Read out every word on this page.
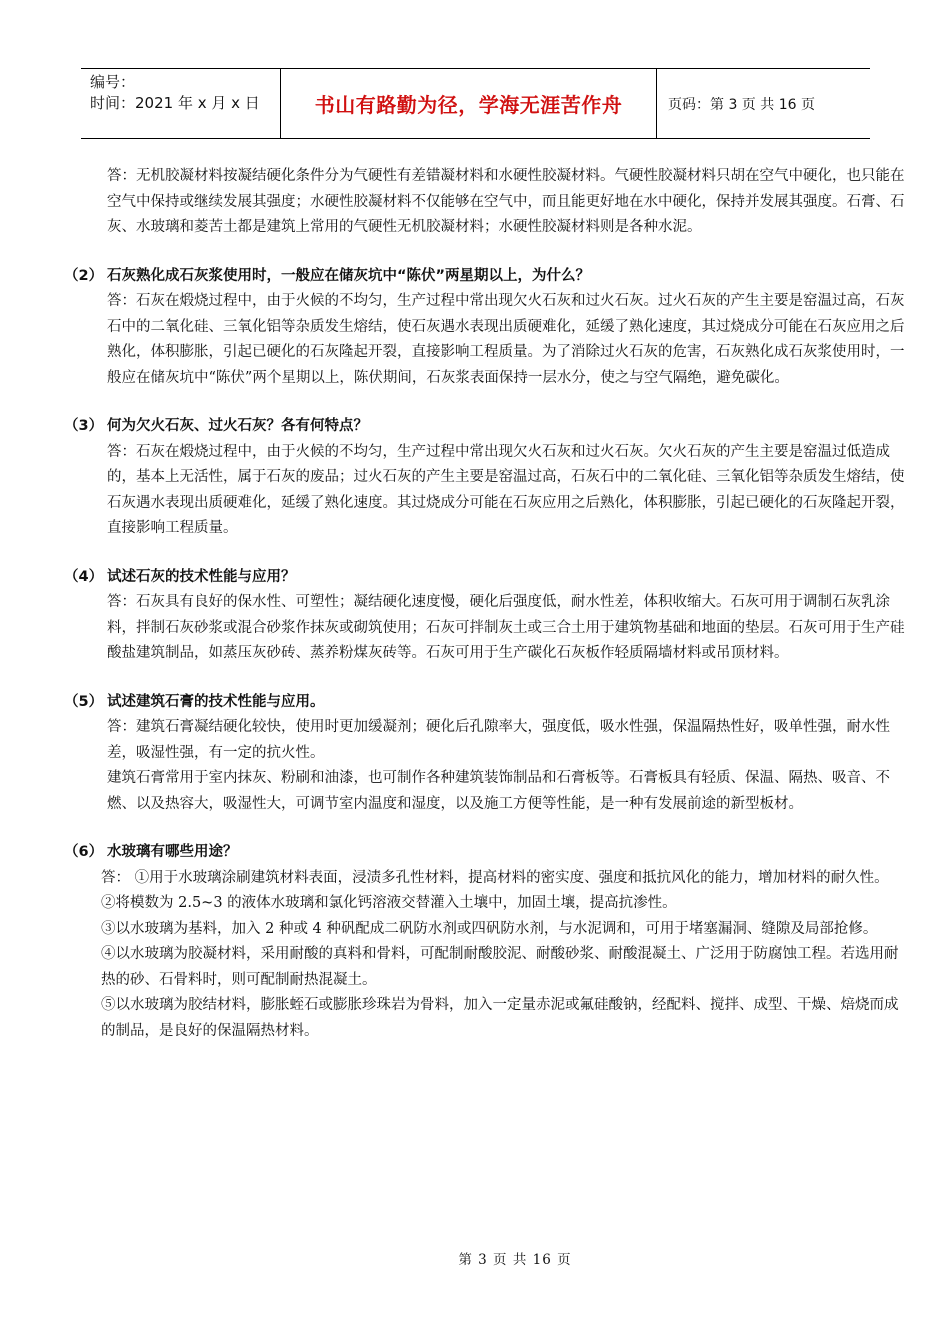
编号：
时间：2021 年 x 月 x 日	书山有路勤为径，学海无涯苦作舟	页码：第 3 页 共 16 页

答：无机胶凝材料按凝结硬化条件分为气硬性有差错凝材料和水硬性胶凝材料。气硬性胶凝材料只胡在空气中硬化，也只能在空气中保持或继续发展其强度；水硬性胶凝材料不仅能够在空气中，而且能更好地在水中硬化，保持并发展其强度。石膏、石灰、水玻璃和菱苦土都是建筑上常用的气硬性无机胶凝材料；水硬性胶凝材料则是各种水泥。

（2） 石灰熟化成石灰浆使用时，一般应在储灰坑中“陈伏”两星期以上，为什么？

答：石灰在煅烧过程中，由于火候的不均匀，生产过程中常出现欠火石灰和过火石灰。过火石灰的产生主要是窑温过高，石灰石中的二氧化硅、三氧化铝等杂质发生熔结，使石灰遇水表现出质硬难化，延缓了熟化速度，其过烧成分可能在石灰应用之后熟化，体积膨胀，引起已硬化的石灰隆起开裂，直接影响工程质量。为了消除过火石灰的危害，石灰熟化成石灰浆使用时，一般应在储灰坑中“陈伏”两个星期以上，陈伏期间，石灰浆表面保持一层水分，使之与空气隔绝，避免碳化。

（3） 何为欠火石灰、过火石灰？各有何特点？

答：石灰在煅烧过程中，由于火候的不均匀，生产过程中常出现欠火石灰和过火石灰。欠火石灰的产生主要是窑温过低造成的，基本上无活性，属于石灰的废品；过火石灰的产生主要是窑温过高，石灰石中的二氧化硅、三氧化铝等杂质发生熔结，使石灰遇水表现出质硬难化，延缓了熟化速度。其过烧成分可能在石灰应用之后熟化，体积膨胀，引起已硬化的石灰隆起开裂，直接影响工程质量。

（4） 试述石灰的技术性能与应用？

答：石灰具有良好的保水性、可塑性；凝结硬化速度慢，硬化后强度低，耐水性差，体积收缩大。石灰可用于调制石灰乳涂料，拌制石灰砂浆或混合砂浆作抹灰或砌筑使用；石灰可拌制灰土或三合土用于建筑物基础和地面的垫层。石灰可用于生产硅酸盐建筑制品，如蒸压灰砂砖、蒸养粉煤灰砖等。石灰可用于生产碳化石灰板作轻质隔墙材料或吊顶材料。

（5） 试述建筑石膏的技术性能与应用。

答：建筑石膏凝结硬化较快，使用时更加缓凝剂；硬化后孔隙率大，强度低，吸水性强，保温隔热性好，吸单性强，耐水性差，吸湿性强，有一定的抗火性。

建筑石膏常用于室内抹灰、粉刷和油漆，也可制作各种建筑装饰制品和石膏板等。石膏板具有轻质、保温、隔热、吸音、不燃、以及热容大，吸湿性大，可调节室内温度和湿度，以及施工方便等性能，是一种有发展前途的新型板材。

（6） 水玻璃有哪些用途？

答： ①用于水玻璃涂刷建筑材料表面，浸渍多孔性材料，提高材料的密实度、强度和抵抗风化的能力，增加材料的耐久性。

②将模数为 2.5~3 的液体水玻璃和氯化钙溶液交替灌入土壤中，加固土壤，提高抗渗性。

③以水玻璃为基料，加入 2 种或 4 种矾配成二矾防水剂或四矾防水剂，与水泥调和，可用于堵塞漏洞、缝隙及局部抢修。

④以水玻璃为胶凝材料，采用耐酸的真料和骨料，可配制耐酸胶泥、耐酸砂浆、耐酸混凝土、广泛用于防腐蚀工程。若选用耐热的砂、石骨料时，则可配制耐热混凝土。

⑤以水玻璃为胶结材料，膨胀蛭石或膨胀珍珠岩为骨料，加入一定量赤泥或氟硅酸钠，经配料、搅拌、成型、干燥、焙烧而成的制品，是良好的保温隔热材料。

第 3 页 共 16 页
